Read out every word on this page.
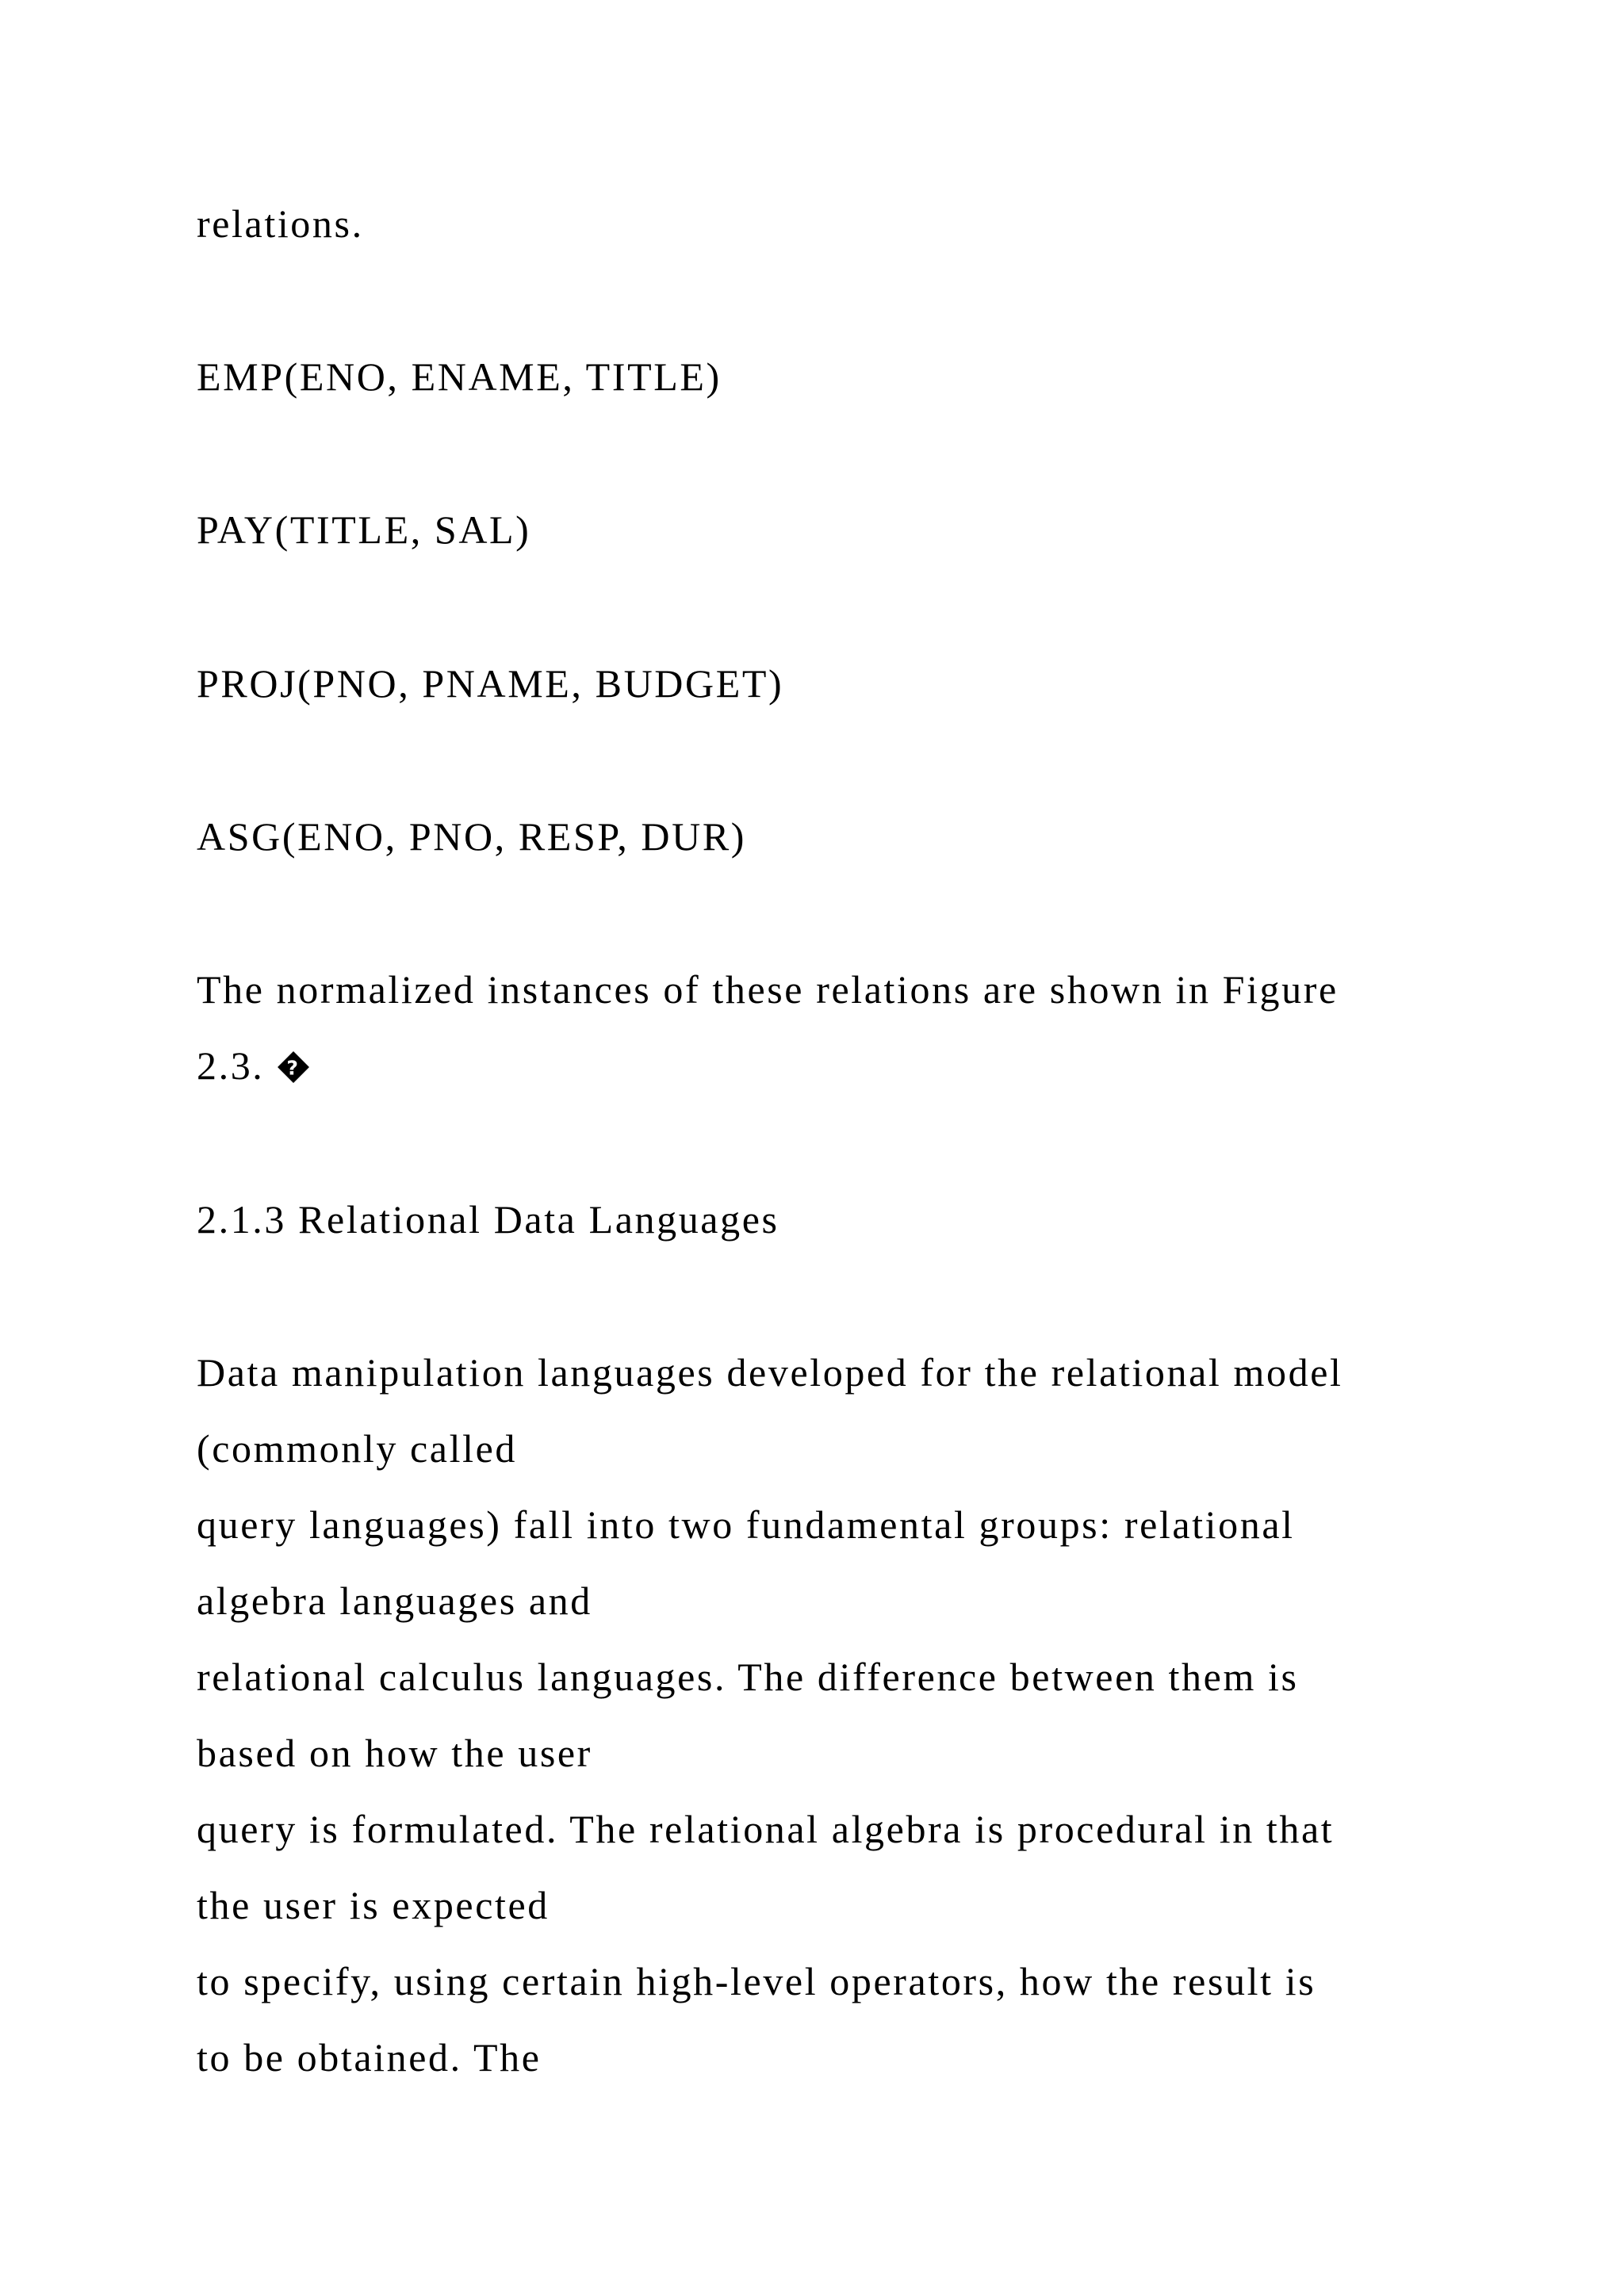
relations.
EMP(ENO, ENAME, TITLE)
PAY(TITLE, SAL)
PROJ(PNO, PNAME, BUDGET)
ASG(ENO, PNO, RESP, DUR)
The normalized instances of these relations are shown in Figure
2.3. ?
2.1.3 Relational Data Languages
Data manipulation languages developed for the relational model
(commonly called
query languages) fall into two fundamental groups: relational
algebra languages and
relational calculus languages. The difference between them is
based on how the user
query is formulated. The relational algebra is procedural in that
the user is expected
to specify, using certain high-level operators, how the result is
to be obtained. The
